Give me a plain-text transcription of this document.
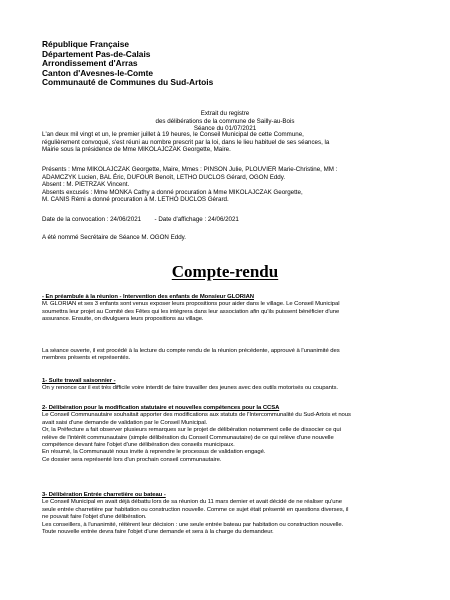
République Française
Département Pas-de-Calais
Arrondissement d'Arras
Canton d'Avesnes-le-Comte
Communauté de Communes du Sud-Artois
Extrait du registre
des délibérations de la commune de Sailly-au-Bois
Séance du 01/07/2021
L'an deux mil vingt et un, le premier juillet à 19 heures, le Conseil Municipal de cette Commune,
régulièrement convoqué, s'est réuni au nombre prescrit par la loi, dans le lieu habituel de ses séances, la
Mairie sous la présidence de Mme MIKOLAJCZAK Georgette, Maire.
Présents : Mme MIKOLAJCZAK Georgette, Maire, Mmes : PINSON Julie, PLOUVIER Marie-Christine, MM :
ADAMCZYK Lucien, BAL Éric, DUFOUR Benoît, LETHO DUCLOS Gérard, OGON Eddy.
Absent : M. PIETRZAK Vincent.
Absents excusés : Mme MONKA Cathy a donné procuration à Mme MIKOLAJCZAK Georgette,
M. CANIS Rémi a donné procuration à M. LETHO DUCLOS Gérard.
Date de la convocation : 24/06/2021 - Date d'affichage : 24/06/2021
A été nommé Secrétaire de Séance M. OGON Eddy.
Compte-rendu
- En préambule à la réunion - Intervention des enfants de Monsieur GLORIAN
M. GLORIAN et ses 3 enfants sont venus exposer leurs propositions pour aider dans le village. Le Conseil Municipal
soumettra leur projet au Comité des Fêtes qui les intègrera dans leur association afin qu'ils puissent bénéficier d'une
assurance. Ensuite, on divulguera leurs propositions au village.
La séance ouverte, il est procédé à la lecture du compte rendu de la réunion précédente, approuvé à l'unanimité des
membres présents et représentés.
1- Suite travail saisonnier -
On y renonce car il est très difficile voire interdit de faire travailler des jeunes avec des outils motorisés ou coupants.
2- Délibération pour la modification statutaire et nouvelles compétences pour la CCSA
Le Conseil Communautaire souhaitait apporter des modifications aux statuts de l'Intercommunalité du Sud-Artois et nous
avait saisi d'une demande de validation par le Conseil Municipal.
Or, la Préfecture a fait observer plusieurs remarques sur le projet de délibération notamment celle de dissocier ce qui
relève de l'intérêt communautaire (simple délibération du Conseil Communautaire) de ce qui relève d'une nouvelle
compétence devant faire l'objet d'une délibération des conseils municipaux.
En résumé, la Communauté nous invite à reprendre le processus de validation engagé.
Ce dossier sera représenté lors d'un prochain conseil communautaire.
3- Délibération Entrée charretière ou bateau -
Le Conseil Municipal en avait déjà débattu lors de sa réunion du 11 mars dernier et avait décidé de ne réaliser qu'une
seule entrée charretière par habitation ou construction nouvelle. Comme ce sujet était présenté en questions diverses, il
ne pouvait faire l'objet d'une délibération.
Les conseillers, à l'unanimité, réitèrent leur décision : une seule entrée bateau par habitation ou construction nouvelle.
Toute nouvelle entrée devra faire l'objet d'une demande et sera à la charge du demandeur.
